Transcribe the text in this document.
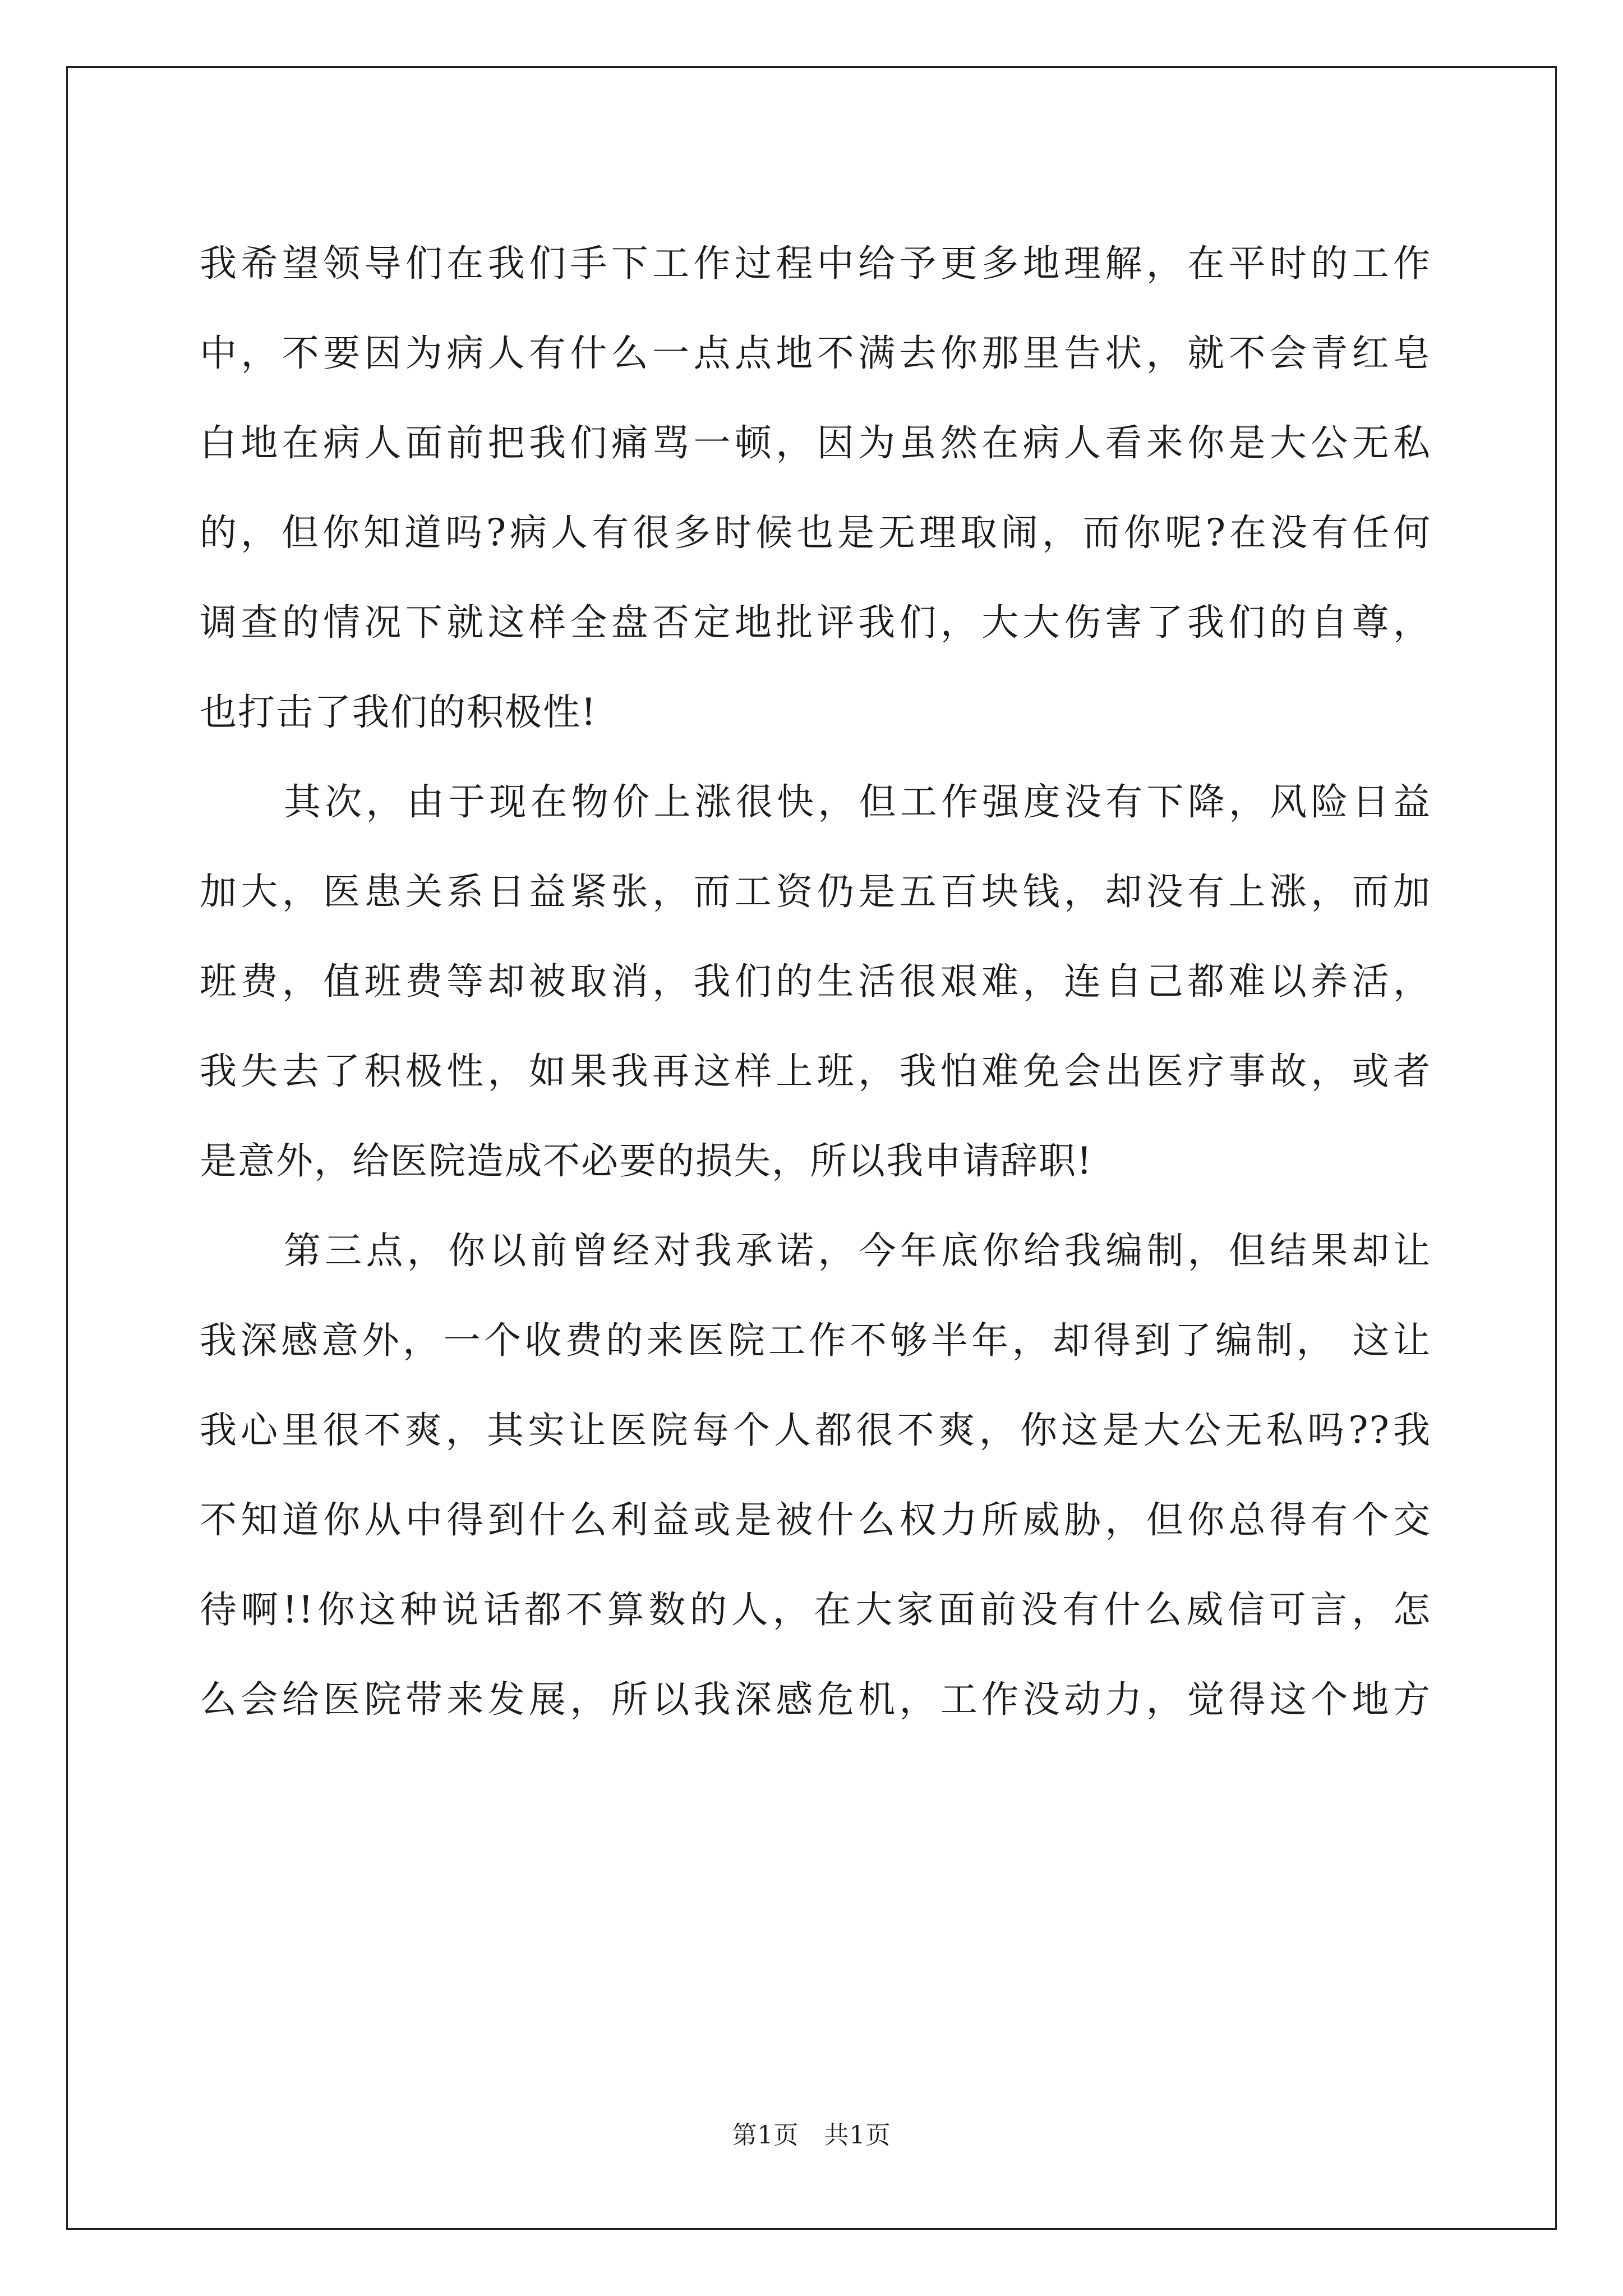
我希望领导们在我们手下工作过程中给予更多地理解，在平时的工作
中，不要因为病人有什么一点点地不满去你那里告状，就不会青红皂
白地在病人面前把我们痛骂一顿，因为虽然在病人看来你是大公无私
的，但你知道吗?病人有很多时候也是无理取闹，而你呢?在没有任何
调查的情况下就这样全盘否定地批评我们，大大伤害了我们的自尊，
也打击了我们的积极性!
其次，由于现在物价上涨很快，但工作强度没有下降，风险日益
加大，医患关系日益紧张，而工资仍是五百块钱，却没有上涨，而加
班费，值班费等却被取消，我们的生活很艰难，连自己都难以养活，
我失去了积极性，如果我再这样上班，我怕难免会出医疗事故，或者
是意外，给医院造成不必要的损失，所以我申请辞职!
第三点，你以前曾经对我承诺，今年底你给我编制，但结果却让
我深感意外，一个收费的来医院工作不够半年，却得到了编制， 这让
我心里很不爽，其实让医院每个人都很不爽，你这是大公无私吗??我
不知道你从中得到什么利益或是被什么权力所威胁，但你总得有个交
待啊!!你这种说话都不算数的人，在大家面前没有什么威信可言，怎
么会给医院带来发展，所以我深感危机，工作没动力，觉得这个地方
第1页　共1页
